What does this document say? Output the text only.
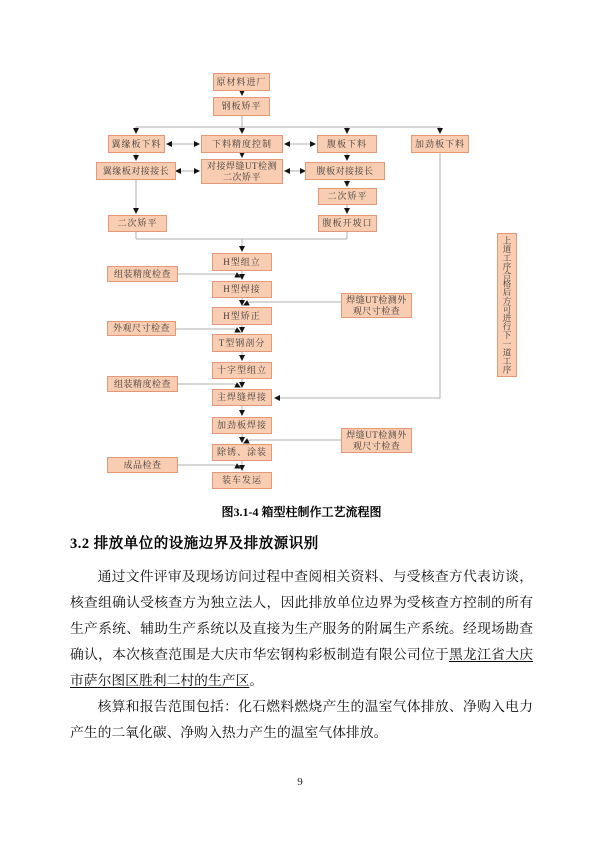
原材料进厂
钢板矫平
翼缘板下料	下料精度控制	腹板下料	加劲板下料
翼缘板对接接长	对接焊缝UT检测二次矫平
腹板对接接长
二次矫平
二次矫平	腹板开坡口
H型组立
组装精度检查
H型焊接
焊缝UT检测外观尺寸检查
H型矫正
外观尺寸检查
T型钢剖分
十字型组立
组装精度检查
主焊缝焊接
加劲板焊接
焊缝UT检测外观尺寸检查
除锈、涂装
成品检查
装车发运
上道工序合格后方可进行下一道工序
图3.1-4 箱型柱制作工艺流程图
3.2 排放单位的设施边界及排放源识别

通过文件评审及现场访问过程中查阅相关资料、与受核查方代表访谈，核查组确认受核查方为独立法人，因此排放单位边界为受核查方控制的所有生产系统、辅助生产系统以及直接为生产服务的附属生产系统。经现场勘查确认，本次核查范围是大庆市华宏钢构彩板制造有限公司位于黑龙江省大庆市萨尔图区胜利二村的生产区。

核算和报告范围包括：化石燃料燃烧产生的温室气体排放、净购入电力产生的二氧化碳、净购入热力产生的温室气体排放。

9
